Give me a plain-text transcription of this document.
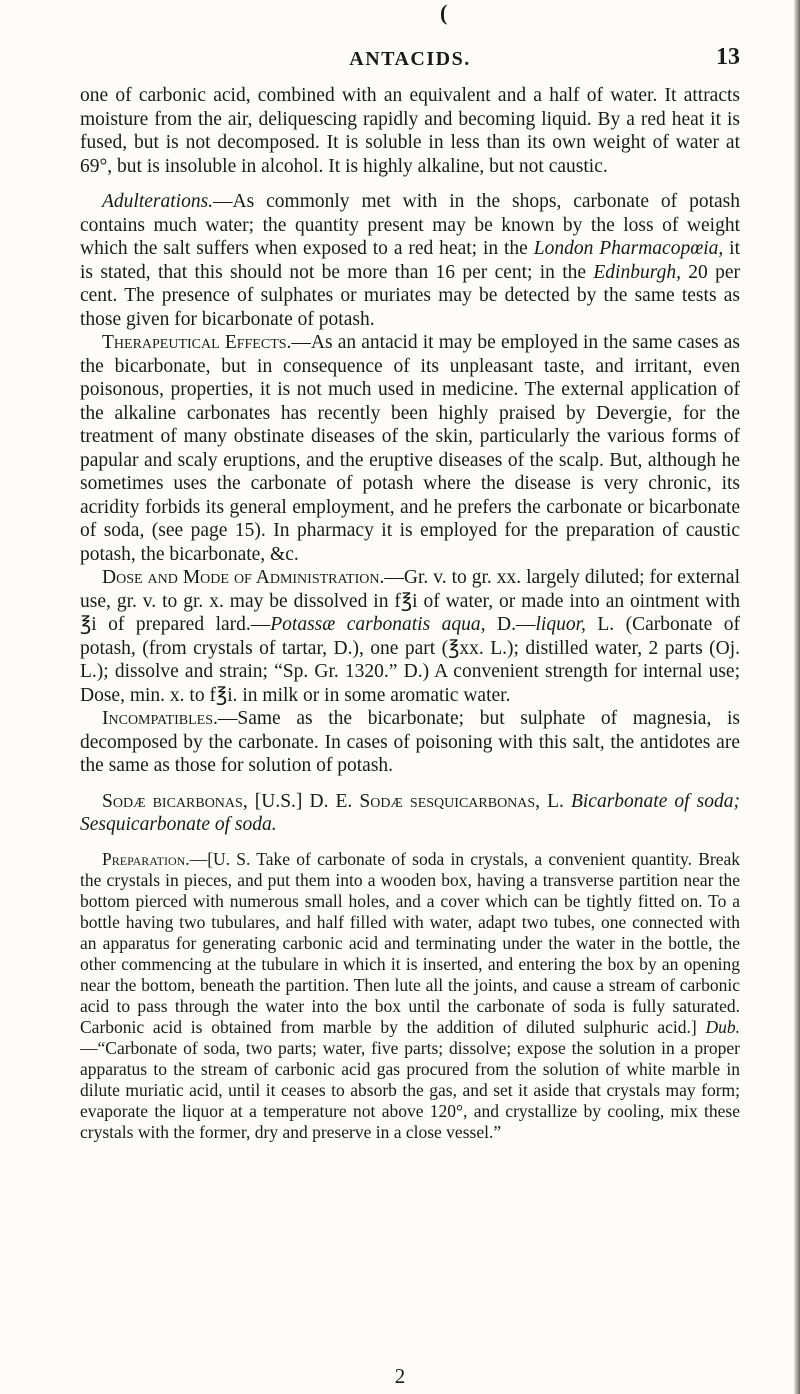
(
ANTACIDS.	13

one of carbonic acid, combined with an equivalent and a half of water. It attracts moisture from the air, deliquescing rapidly and becoming liquid. By a red heat it is fused, but is not decomposed. It is soluble in less than its own weight of water at 69°, but is insoluble in alcohol. It is highly alkaline, but not caustic.

Adulterations.—As commonly met with in the shops, carbonate of potash contains much water; the quantity present may be known by the loss of weight which the salt suffers when exposed to a red heat; in the London Pharmacopœia, it is stated, that this should not be more than 16 per cent; in the Edinburgh, 20 per cent. The presence of sulphates or muriates may be detected by the same tests as those given for bicarbonate of potash.

Therapeutical Effects.—As an antacid it may be employed in the same cases as the bicarbonate, but in consequence of its unpleasant taste, and irritant, even poisonous, properties, it is not much used in medicine. The external application of the alkaline carbonates has recently been highly praised by Devergie, for the treatment of many obstinate diseases of the skin, particularly the various forms of papular and scaly eruptions, and the eruptive diseases of the scalp. But, although he sometimes uses the carbonate of potash where the disease is very chronic, its acridity forbids its general employment, and he prefers the carbonate or bicarbonate of soda, (see page 15). In pharmacy it is employed for the preparation of caustic potash, the bicarbonate, &c.

Dose and Mode of Administration.—Gr. v. to gr. xx. largely diluted; for external use, gr. v. to gr. x. may be dissolved in f℥i of water, or made into an ointment with ℥i of prepared lard.—Potassæ carbonatis aqua, D.—liquor, L. (Carbonate of potash, (from crystals of tartar, D.), one part (℥xx. L.); distilled water, 2 parts (Oj. L.); dissolve and strain; “Sp. Gr. 1320.” D.) A convenient strength for internal use; Dose, min. x. to f℥i. in milk or in some aromatic water.

Incompatibles.—Same as the bicarbonate; but sulphate of magnesia, is decomposed by the carbonate. In cases of poisoning with this salt, the antidotes are the same as those for solution of potash.

Sodæ bicarbonas, [U.S.] D. E. Sodæ sesquicarbonas, L. Bicarbonate of soda; Sesquicarbonate of soda.

Preparation.—[U. S. Take of carbonate of soda in crystals, a convenient quantity. Break the crystals in pieces, and put them into a wooden box, having a transverse partition near the bottom pierced with numerous small holes, and a cover which can be tightly fitted on. To a bottle having two tubulares, and half filled with water, adapt two tubes, one connected with an apparatus for generating carbonic acid and terminating under the water in the bottle, the other commencing at the tubulare in which it is inserted, and entering the box by an opening near the bottom, beneath the partition. Then lute all the joints, and cause a stream of carbonic acid to pass through the water into the box until the carbonate of soda is fully saturated. Carbonic acid is obtained from marble by the addition of diluted sulphuric acid.] Dub.—“Carbonate of soda, two parts; water, five parts; dissolve; expose the solution in a proper apparatus to the stream of carbonic acid gas procured from the solution of white marble in dilute muriatic acid, until it ceases to absorb the gas, and set it aside that crystals may form; evaporate the liquor at a temperature not above 120°, and crystallize by cooling, mix these crystals with the former, dry and preserve in a close vessel.”

2
